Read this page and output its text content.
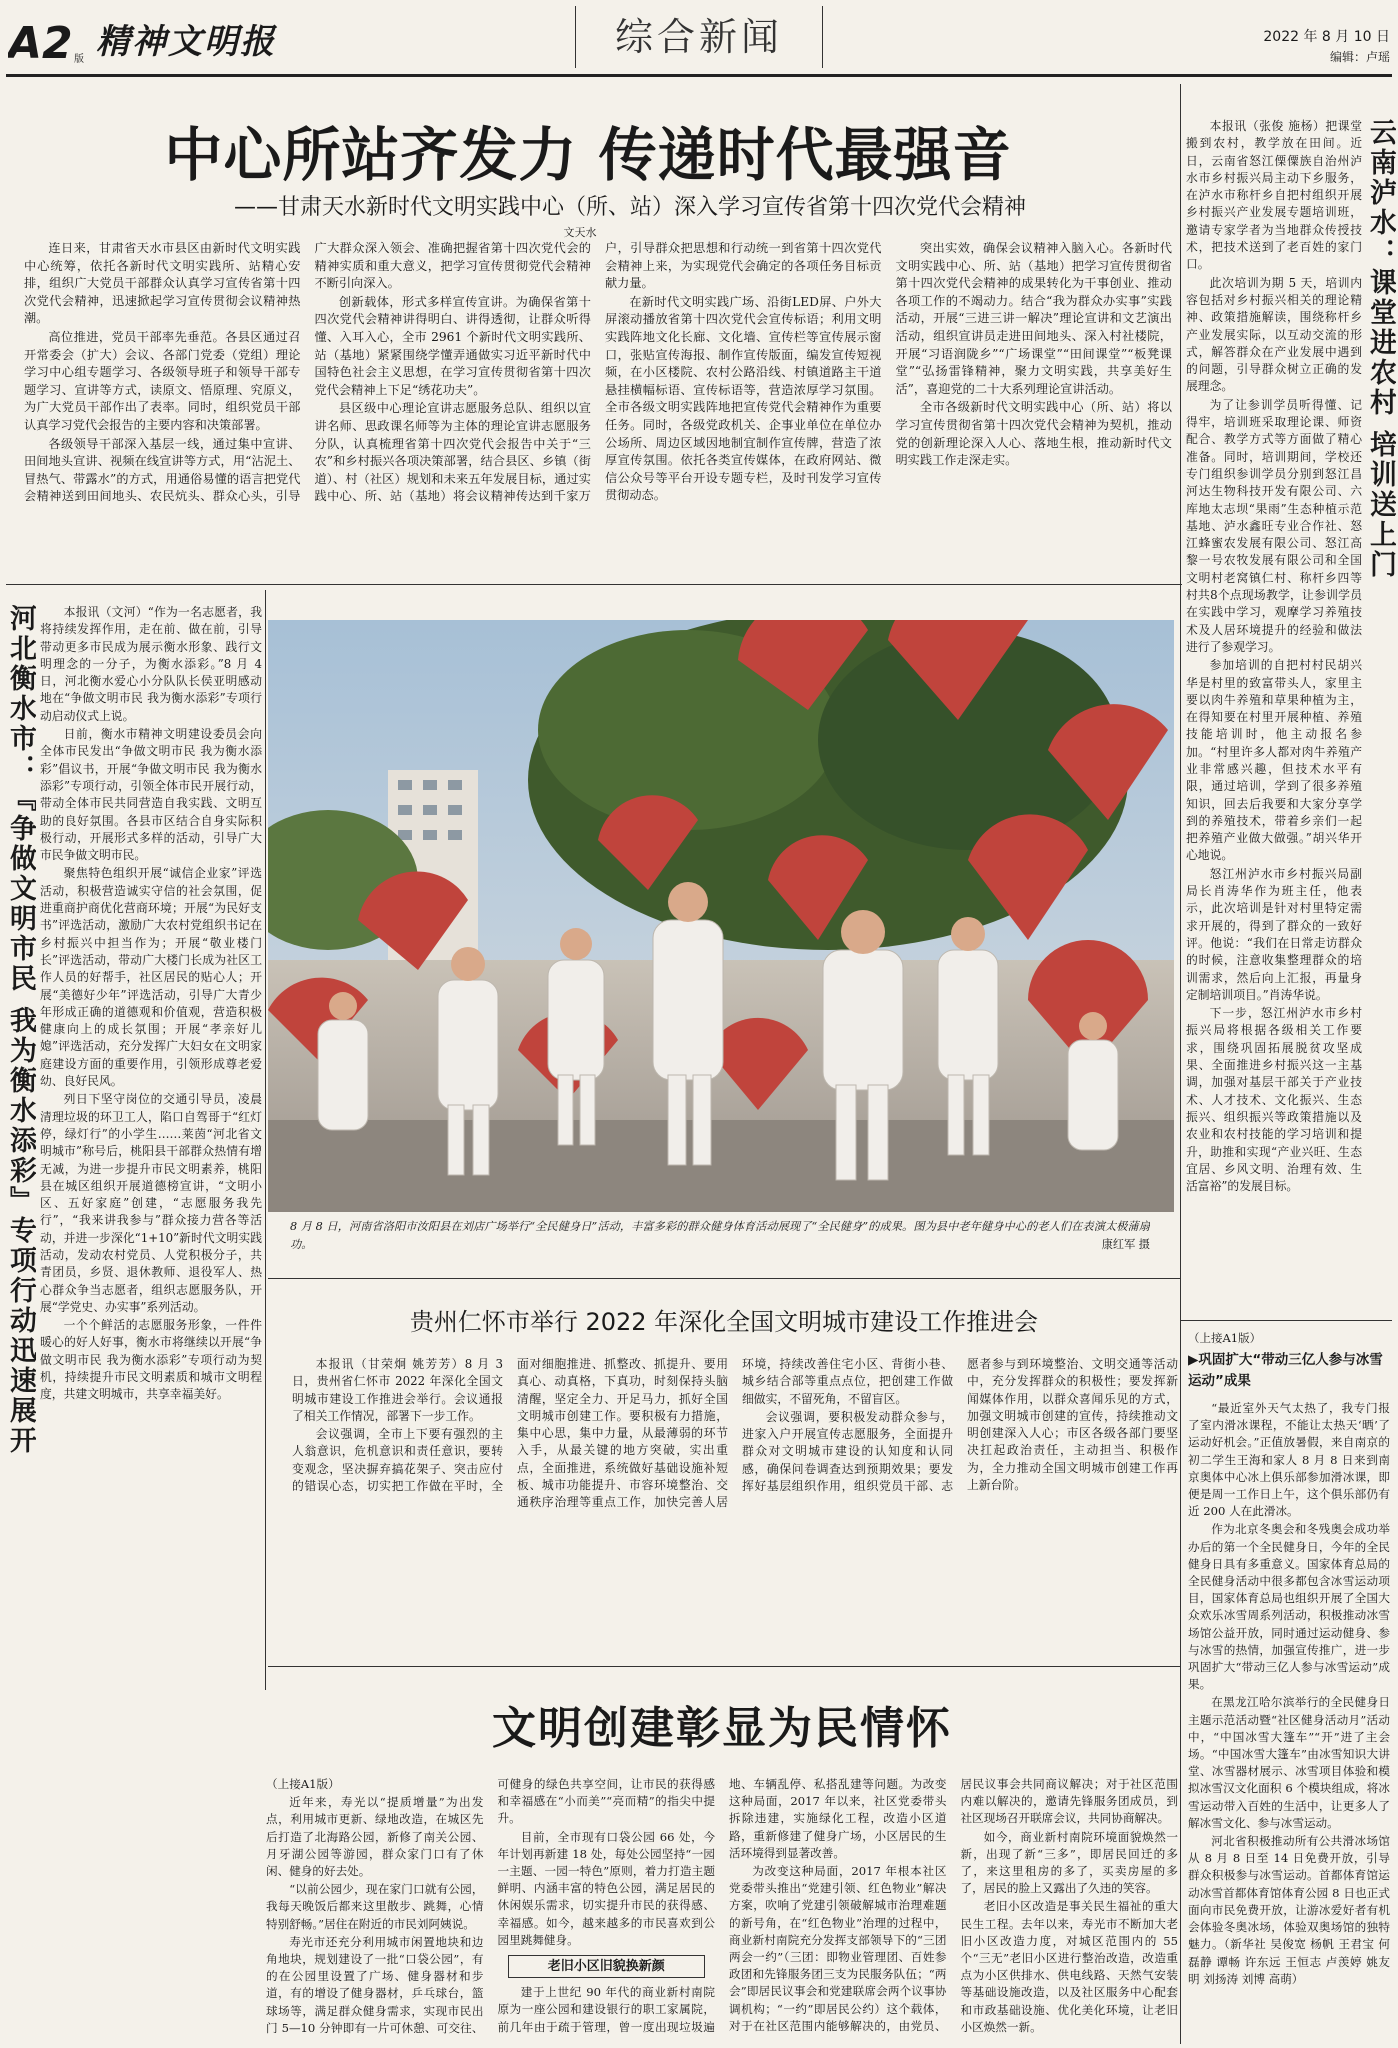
A2 版 精神文明报	综合新闻	2022 年 8 月 10 日
编辑：卢瑶
中心所站齐发力 传递时代最强音
——甘肃天水新时代文明实践中心（所、站）深入学习宣传省第十四次党代会精神
文天水

连日来，甘肃省天水市县区由新时代文明实践中心统筹，依托各新时代文明实践所、站精心安排，组织广大党员干部群众认真学习宣传省第十四次党代会精神，迅速掀起学习宣传贯彻会议精神热潮。

高位推进，党员干部率先垂范。各县区通过召开常委会（扩大）会议、各部门党委（党组）理论学习中心组专题学习、各级领导班子和领导干部专题学习、宣讲等方式，读原文、悟原理、究原义，为广大党员干部作出了表率。同时，组织党员干部认真学习党代会报告的主要内容和决策部署。

各级领导干部深入基层一线，通过集中宣讲、田间地头宣讲、视频在线宣讲等方式，用“沾泥土、冒热气、带露水”的方式，用通俗易懂的语言把党代会精神送到田间地头、农民炕头、群众心头，引导广大群众深入领会、准确把握省第十四次党代会的精神实质和重大意义，把学习宣传贯彻党代会精神不断引向深入。

创新载体，形式多样宣传宣讲。为确保省第十四次党代会精神讲得明白、讲得透彻，让群众听得懂、入耳入心，全市 2961 个新时代文明实践所、站（基地）紧紧围绕学懂弄通做实习近平新时代中国特色社会主义思想，在学习宣传贯彻省第十四次党代会精神上下足“绣花功夫”。

县区级中心理论宣讲志愿服务总队、组织以宣讲名师、思政课名师等为主体的理论宣讲志愿服务分队，认真梳理省第十四次党代会报告中关于“三农”和乡村振兴各项决策部署，结合县区、乡镇（街道）、村（社区）规划和未来五年发展目标，通过实践中心、所、站（基地）将会议精神传达到千家万户，引导群众把思想和行动统一到省第十四次党代会精神上来，为实现党代会确定的各项任务目标贡献力量。

在新时代文明实践广场、沿街LED屏、户外大屏滚动播放省第十四次党代会宣传标语；利用文明实践阵地文化长廊、文化墙、宣传栏等宣传展示窗口，张贴宣传海报、制作宣传版面，编发宣传短视频，在小区楼院、农村公路沿线、村镇道路主干道悬挂横幅标语、宣传标语等，营造浓厚学习氛围。全市各级文明实践阵地把宣传党代会精神作为重要任务。同时，各级党政机关、企事业单位在单位办公场所、周边区域因地制宜制作宣传牌，营造了浓厚宣传氛围。依托各类宣传媒体，在政府网站、微信公众号等平台开设专题专栏，及时刊发学习宣传贯彻动态。

突出实效，确保会议精神入脑入心。各新时代文明实践中心、所、站（基地）把学习宣传贯彻省第十四次党代会精神的成果转化为干事创业、推动各项工作的不竭动力。结合“我为群众办实事”实践活动，开展“三进三讲一解决”理论宣讲和文艺演出活动，组织宣讲员走进田间地头、深入村社楼院，开展“习语润陇乡”“广场课堂”“田间课堂”“板凳课堂”“弘扬雷锋精神，聚力文明实践，共享美好生活”，喜迎党的二十大系列理论宣讲活动。

全市各级新时代文明实践中心（所、站）将以学习宣传贯彻省第十四次党代会精神为契机，推动党的创新理论深入人心、落地生根，推动新时代文明实践工作走深走实。

本报讯（张俊 施杨）把课堂搬到农村，教学放在田间。近日，云南省怒江傈僳族自治州泸水市乡村振兴局主动下乡服务，在泸水市称杆乡自把村组织开展乡村振兴产业发展专题培训班，邀请专家学者为当地群众传授技术，把技术送到了老百姓的家门口。

此次培训为期 5 天，培训内容包括对乡村振兴相关的理论精神、政策措施解读，围绕称杆乡产业发展实际，以互动交流的形式，解答群众在产业发展中遇到的问题，引导群众树立正确的发展理念。

为了让参训学员听得懂、记得牢，培训班采取理论课、师资配合、教学方式等方面做了精心准备。同时，培训期间，学校还专门组织参训学员分别到怒江昌河达生物科技开发有限公司、六库地太志坝“果雨”生态种植示范基地、泸水鑫旺专业合作社、怒江蜂蜜农发展有限公司、怒江高黎一号农牧发展有限公司和全国文明村老窝镇仁村、称杆乡四等村共8个点现场教学，让参训学员在实践中学习，观摩学习养殖技术及人居环境提升的经验和做法进行了参观学习。

参加培训的自把村村民胡兴华是村里的致富带头人，家里主要以肉牛养殖和草果种植为主，在得知要在村里开展种植、养殖技能培训时，他主动报名参加。“村里许多人都对肉牛养殖产业非常感兴趣，但技术水平有限，通过培训，学到了很多养殖知识，回去后我要和大家分享学到的养殖技术，带着乡亲们一起把养殖产业做大做强。”胡兴华开心地说。

怒江州泸水市乡村振兴局副局长肖涛华作为班主任，他表示，此次培训是针对村里特定需求开展的，得到了群众的一致好评。他说：“我们在日常走访群众的时候，注意收集整理群众的培训需求，然后向上汇报，再量身定制培训项目。”肖涛华说。

下一步，怒江州泸水市乡村振兴局将根据各级相关工作要求，围绕巩固拓展脱贫攻坚成果、全面推进乡村振兴这一主基调，加强对基层干部关于产业技术、人才技术、文化振兴、生态振兴、组织振兴等政策措施以及农业和农村技能的学习培训和提升，助推和实现“产业兴旺、生态宜居、乡风文明、治理有效、生活富裕”的发展目标。

云南泸水：课堂进农村 培训送上门
河北衡水市：『争做文明市民 我为衡水添彩』专项行动迅速展开	本报讯（文河）“作为一名志愿者，我将持续发挥作用，走在前、做在前，引导带动更多市民成为展示衡水形象、践行文明理念的一分子，为衡水添彩。”8 月 4 日，河北衡水爱心小分队队长侯亚明感动地在“争做文明市民 我为衡水添彩”专项行动启动仪式上说。

日前，衡水市精神文明建设委员会向全体市民发出“争做文明市民 我为衡水添彩”倡议书，开展“争做文明市民 我为衡水添彩”专项行动，引领全体市民开展行动，带动全体市民共同营造自我实践、文明互助的良好氛围。各县市区结合自身实际积极行动，开展形式多样的活动，引导广大市民争做文明市民。

聚焦特色组织开展“诚信企业家”评选活动，积极营造诚实守信的社会氛围，促进重商护商优化营商环境；开展“为民好支书”评选活动，激励广大农村党组织书记在乡村振兴中担当作为；开展“敬业楼门长”评选活动，带动广大楼门长成为社区工作人员的好帮手，社区居民的贴心人；开展“美德好少年”评选活动，引导广大青少年形成正确的道德观和价值观，营造积极健康向上的成长氛围；开展“孝亲好儿媳”评选活动，充分发挥广大妇女在文明家庭建设方面的重要作用，引领形成尊老爱幼、良好民风。

列日下坚守岗位的交通引导员，凌晨清理垃圾的环卫工人，陷口自驾哥于“红灯停，绿灯行”的小学生……莱茵“河北省文明城市”称号后，桃阳县干部群众热情有增无减，为进一步提升市民文明素养，桃阳县在城区组织开展道德榜宣讲，“文明小区、五好家庭”创建，“志愿服务我先行”，“我来讲我参与”群众接力营各等活动，并进一步深化“1+10”新时代文明实践活动，发动农村党员、人党积极分子，共青团员，乡贤、退休教师、退役军人、热心群众争当志愿者，组织志愿服务队，开展“学党史、办实事”系列活动。

一个个鲜活的志愿服务形象，一件件暖心的好人好事，衡水市将继续以开展“争做文明市民 我为衡水添彩”专项行动为契机，持续提升市民文明素质和城市文明程度，共建文明城市，共享幸福美好。

8 月 8 日，河南省洛阳市汝阳县在刘店广场举行“全民健身日”活动，丰富多彩的群众健身体育活动展现了“全民健身”的成果。图为县中老年健身中心的老人们在表演太极蒲扇功。	康红军 摄
贵州仁怀市举行 2022 年深化全国文明城市建设工作推进会

本报讯（甘荣炯 姚芳芳）8 月 3 日，贵州省仁怀市 2022 年深化全国文明城市建设工作推进会举行。会议通报了相关工作情况，部署下一步工作。

会议强调，全市上下要有强烈的主人翁意识，危机意识和责任意识，要转变观念，坚决摒弃搞花架子、突击应付的错误心态，切实把工作做在平时，全面对细胞推进、抓整改、抓提升、要用真心、动真格，下真功，时刻保持头脑清醒，坚定全力、开足马力，抓好全国文明城市创建工作。要积极有力措施，集中心思，集中力量，从最薄弱的环节入手，从最关键的地方突破，实出重点，全面推进，系统做好基础设施补短板、城市功能提升、市容环境整治、交通秩序治理等重点工作，加快完善人居环境，持续改善住宅小区、背街小巷、城乡结合部等重点点位，把创建工作做细做实，不留死角，不留盲区。

会议强调，要积极发动群众参与，进家入户开展宣传志愿服务，全面提升群众对文明城市建设的认知度和认同感，确保问卷调查达到预期效果；要发挥好基层组织作用，组织党员干部、志愿者参与到环境整治、文明交通等活动中，充分发挥群众的积极性；要发挥新闻媒体作用，以群众喜闻乐见的方式，加强文明城市创建的宣传，持续推动文明创建深入人心；市区各级各部门要坚决扛起政治责任，主动担当、积极作为，全力推动全国文明城市创建工作再上新台阶。

（上接A1版）
▶巩固扩大“带动三亿人参与冰雪运动”成果

“最近室外天气太热了，我专门报了室内滑冰课程，不能让太热天‘晒’了运动好机会。”正值放暑假，来自南京的初二学生王海和家人 8 月 8 日来到南京奥体中心冰上俱乐部参加滑冰课，即便是周一工作日上午，这个俱乐部仍有近 200 人在此滑冰。

作为北京冬奥会和冬残奥会成功举办后的第一个全民健身日，今年的全民健身日具有多重意义。国家体育总局的全民健身活动中很多都包含冰雪运动项目，国家体育总局也组织开展了全国大众欢乐冰雪周系列活动，积极推动冰雪场馆公益开放，同时通过运动健身、参与冰雪的热情，加强宣传推广，进一步巩固扩大“带动三亿人参与冰雪运动”成果。

在黑龙江哈尔滨举行的全民健身日主题示范活动暨“社区健身活动月”活动中，“中国冰雪大篷车”“开”进了主会场。“中国冰雪大篷车”由冰雪知识大讲堂、冰雪器材展示、冰雪项目体验和模拟冰雪汉文化面积 6 个模块组成，将冰雪运动带入百姓的生活中，让更多人了解冰雪文化、参与冰雪运动。

河北省积极推动所有公共滑冰场馆从 8 月 8 日至 14 日免费开放，引导群众积极参与冰雪运动。首都体育馆运动冰雪首都体育馆体育公园 8 日也正式面向市民免费开放，让游冰爱好者有机会体验冬奥冰场，体验双奥场馆的独特魅力。（新华社 吴俊宽 杨帆 王君宝 何磊静 谭畅 许东远 王恒志 卢羡婷 姚友明 刘扬涛 刘博 高萌）

文明创建彰显为民情怀

（上接A1版）

近年来，寿光以“提质增量”为出发点，利用城市更新、绿地改造，在城区先后打造了北海路公园，新修了南关公园、月牙湖公园等游园，群众家门口有了休闲、健身的好去处。

“以前公园少，现在家门口就有公园，我每天晚饭后都来这里散步、跳舞，心情特别舒畅。”居住在附近的市民刘阿姨说。

寿光市还充分利用城市闲置地块和边角地块，规划建设了一批“口袋公园”，有的在公园里设置了广场、健身器材和步道，有的增设了健身器材，乒乓球台，篮球场等，满足群众健身需求，实现市民出门 5—10 分钟即有一片可休憩、可交往、可健身的绿色共享空间，让市民的获得感和幸福感在“小而美”“亮而精”的指尖中提升。

目前，全市现有口袋公园 66 处，今年计划再新建 18 处，每处公园坚持“一园一主题、一园一特色”原则，着力打造主题鲜明、内涵丰富的特色公园，满足居民的休闲娱乐需求，切实提升市民的获得感、幸福感。如今，越来越多的市民喜欢到公园里跳舞健身。

老旧小区旧貌换新颜

建于上世纪 90 年代的商业新村南院原为一座公园和建设银行的职工家属院，前几年由于疏于管理，曾一度出现垃圾遍地、车辆乱停、私搭乱建等问题。为改变这种局面，2017 年以来，社区党委带头拆除违建，实施绿化工程，改造小区道路，重新修建了健身广场，小区居民的生活环境得到显著改善。

为改变这种局面，2017 年根本社区党委带头推出“党建引领、红色物业”解决方案，吹响了党建引领破解城市治理难题的新号角，在“红色物业”治理的过程中，商业新村南院充分发挥支部领导下的“三团两会一约”（三团：即物业管理团、百姓参政团和先锋服务团三支为民服务队伍；“两会”即居民议事会和党建联席会两个议事协调机构；“一约”即居民公约）这个载体，对于在社区范围内能够解决的，由党员、居民议事会共同商议解决；对于社区范围内难以解决的，邀请先锋服务团成员，到社区现场召开联席会议，共同协商解决。

如今，商业新村南院环境面貌焕然一新，出现了新“三多”，即居民回迁的多了，来这里租房的多了，买卖房屋的多了，居民的脸上又露出了久违的笑容。

老旧小区改造是事关民生福祉的重大民生工程。去年以来，寿光市不断加大老旧小区改造力度，对城区范围内的 55 个“三无”老旧小区进行整治改造，改造重点为小区供排水、供电线路、天然气安装等基础设施改造，以及社区服务中心配套和市政基础设施、优化美化环境，让老旧小区焕然一新。
